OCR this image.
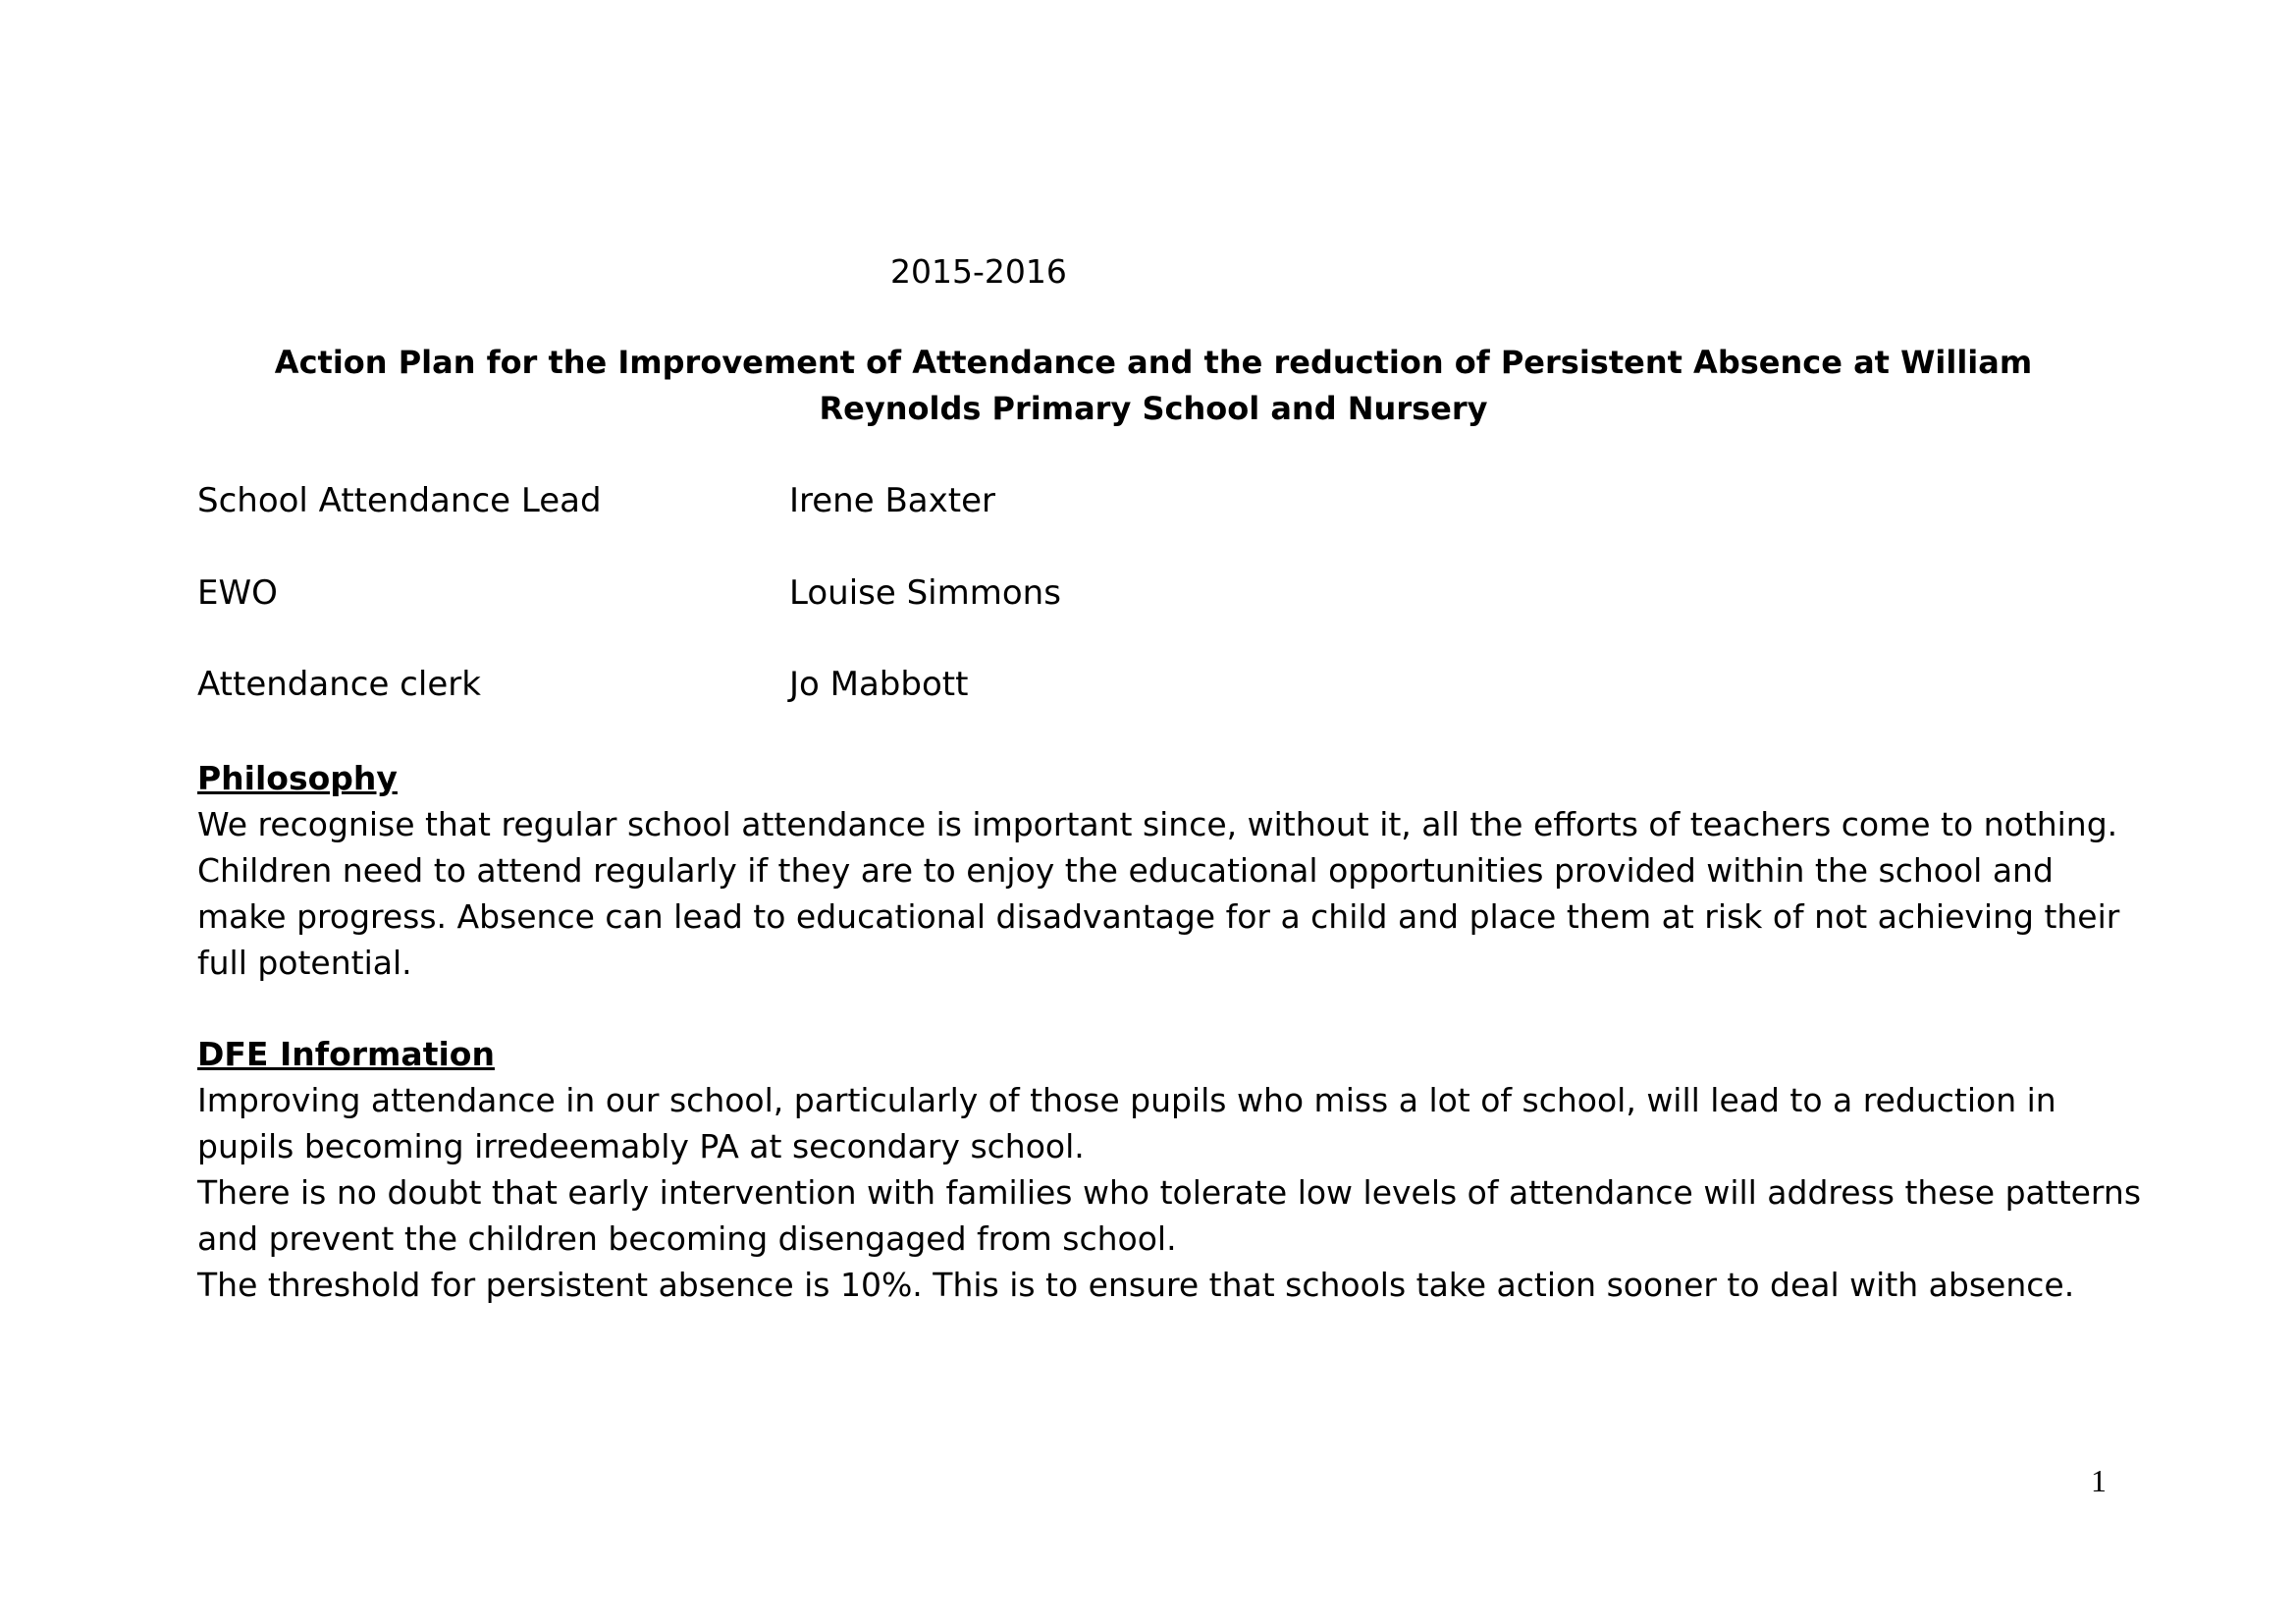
2015-2016
Action Plan for the Improvement of Attendance and the reduction of Persistent Absence at William Reynolds Primary School and Nursery
School Attendance Lead	Irene Baxter
EWO	Louise Simmons
Attendance clerk	Jo Mabbott
Philosophy

We recognise that regular school attendance is important since, without it, all the efforts of teachers come to nothing. Children need to attend regularly if they are to enjoy the educational opportunities provided within the school and make progress. Absence can lead to educational disadvantage for a child and place them at risk of not achieving their full potential.

DFE Information

Improving attendance in our school, particularly of those pupils who miss a lot of school, will lead to a reduction in pupils becoming irredeemably PA at secondary school.

There is no doubt that early intervention with families who tolerate low levels of attendance will address these patterns and prevent the children becoming disengaged from school.

The threshold for persistent absence is 10%. This is to ensure that schools take action sooner to deal with absence.

1
